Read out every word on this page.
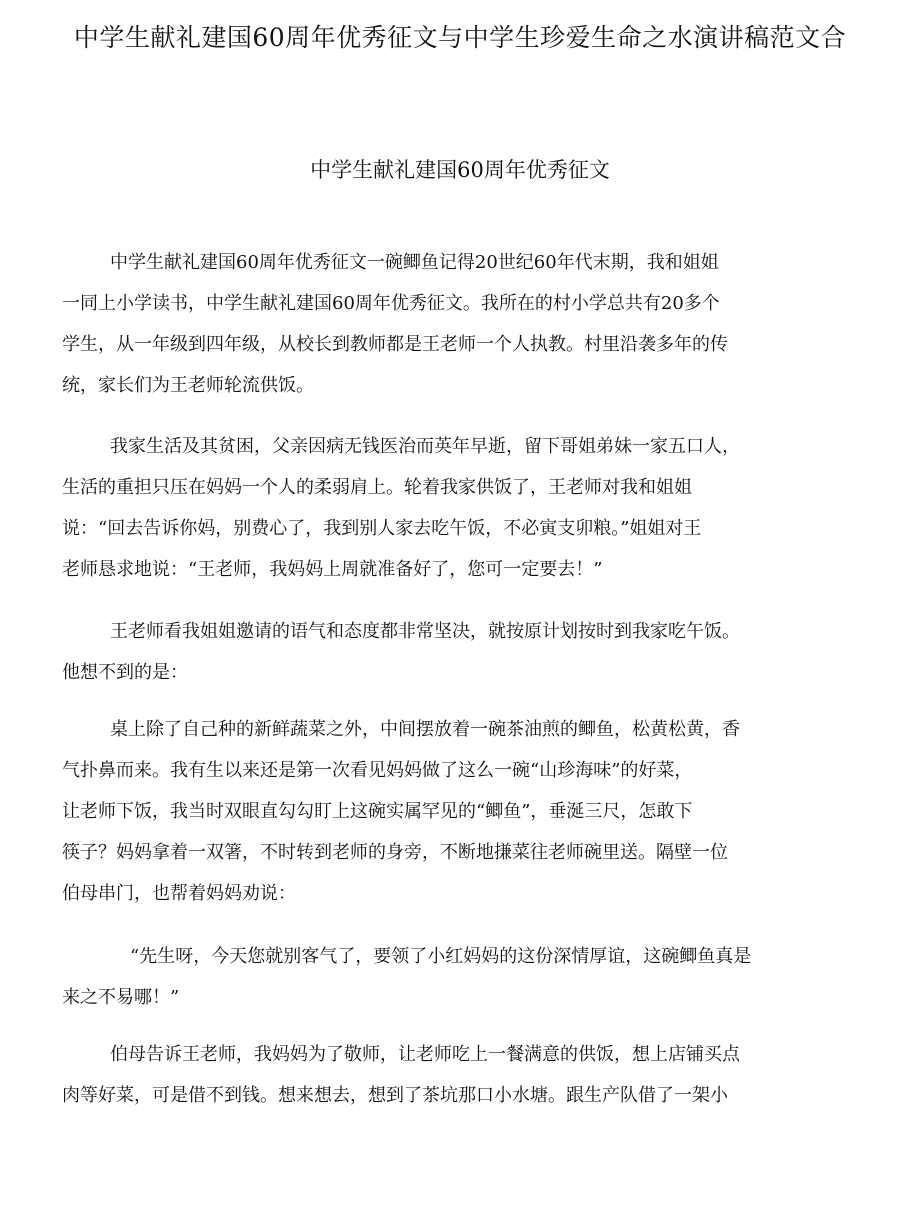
中学生献礼建国60周年优秀征文与中学生珍爱生命之水演讲稿范文合
中学生献礼建国60周年优秀征文

中学生献礼建国60周年优秀征文一碗鲫鱼记得20世纪60年代末期，我和姐姐
一同上小学读书，中学生献礼建国60周年优秀征文。我所在的村小学总共有20多个
学生，从一年级到四年级，从校长到教师都是王老师一个人执教。村里沿袭多年的传
统，家长们为王老师轮流供饭。

我家生活及其贫困，父亲因病无钱医治而英年早逝，留下哥姐弟妹一家五口人，
生活的重担只压在妈妈一个人的柔弱肩上。轮着我家供饭了，王老师对我和姐姐
说：“回去告诉你妈，别费心了，我到别人家去吃午饭，不必寅支卯粮。”姐姐对王
老师恳求地说：“王老师，我妈妈上周就准备好了，您可一定要去！”

王老师看我姐姐邀请的语气和态度都非常坚决，就按原计划按时到我家吃午饭。
他想不到的是：

桌上除了自己种的新鲜蔬菜之外，中间摆放着一碗茶油煎的鲫鱼，松黄松黄，香
气扑鼻而来。我有生以来还是第一次看见妈妈做了这么一碗“山珍海味”的好菜，
让老师下饭，我当时双眼直勾勾盯上这碗实属罕见的“鲫鱼”，垂涎三尺，怎敢下
筷子？妈妈拿着一双箸，不时转到老师的身旁，不断地搛菜往老师碗里送。隔壁一位
伯母串门，也帮着妈妈劝说：

“先生呀，今天您就别客气了，要领了小红妈妈的这份深情厚谊，这碗鲫鱼真是
来之不易哪！”

伯母告诉王老师，我妈妈为了敬师，让老师吃上一餐满意的供饭，想上店铺买点
肉等好菜，可是借不到钱。想来想去，想到了茶坑那口小水塘。跟生产队借了一架小
